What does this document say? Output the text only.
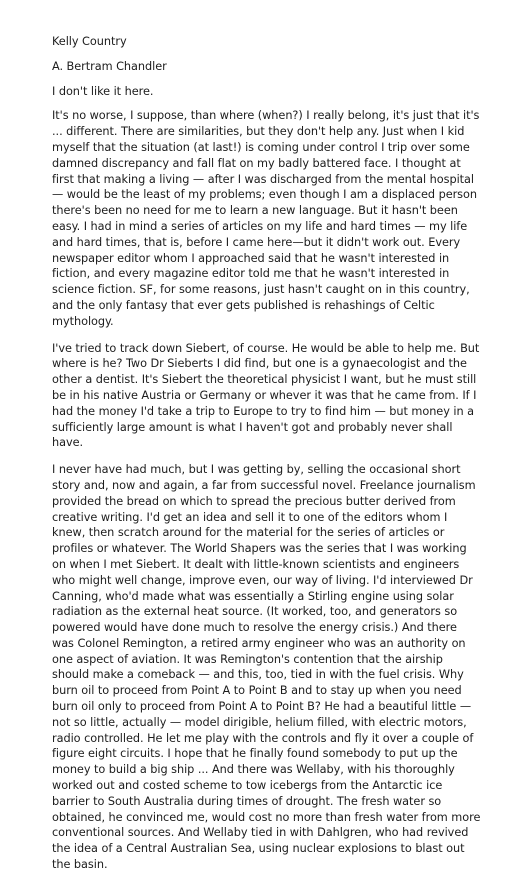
Kelly Country

A. Bertram Chandler

I don't like it here.

It's no worse, I suppose, than where (when?) I really belong, it's just that it's ... different. There are similarities, but they don't help any. Just when I kid myself that the situation (at last!) is coming under control I trip over some damned discrepancy and fall flat on my badly battered face. I thought at first that making a living — after I was discharged from the mental hospital — would be the least of my problems; even though I am a displaced person there's been no need for me to learn a new language. But it hasn't been easy. I had in mind a series of articles on my life and hard times — my life and hard times, that is, before I came here—but it didn't work out. Every newspaper editor whom I approached said that he wasn't interested in fiction, and every magazine editor told me that he wasn't interested in science fiction. SF, for some reasons, just hasn't caught on in this country, and the only fantasy that ever gets published is rehashings of Celtic mythology.

I've tried to track down Siebert, of course. He would be able to help me. But where is he? Two Dr Sieberts I did find, but one is a gynaecologist and the other a dentist. It's Siebert the theoretical physicist I want, but he must still be in his native Austria or Germany or whever it was that he came from. If I had the money I'd take a trip to Europe to try to find him — but money in a sufficiently large amount is what I haven't got and probably never shall have.

I never have had much, but I was getting by, selling the occasional short story and, now and again, a far from successful novel. Freelance journalism provided the bread on which to spread the precious butter derived from creative writing. I'd get an idea and sell it to one of the editors whom I knew, then scratch around for the material for the series of articles or profiles or whatever. The World Shapers was the series that I was working on when I met Siebert. It dealt with little-known scientists and engineers who might well change, improve even, our way of living. I'd interviewed Dr Canning, who'd made what was essentially a Stirling engine using solar radiation as the external heat source. (It worked, too, and generators so powered would have done much to resolve the energy crisis.) And there was Colonel Remington, a retired army engineer who was an authority on one aspect of aviation. It was Remington's contention that the airship should make a comeback — and this, too, tied in with the fuel crisis. Why burn oil to proceed from Point A to Point B and to stay up when you need burn oil only to proceed from Point A to Point B? He had a beautiful little — not so little, actually — model dirigible, helium filled, with electric motors, radio controlled. He let me play with the controls and fly it over a couple of figure eight circuits. I hope that he finally found somebody to put up the money to build a big ship ... And there was Wellaby, with his thoroughly worked out and costed scheme to tow icebergs from the Antarctic ice barrier to South Australia during times of drought. The fresh water so obtained, he convinced me, would cost no more than fresh water from more conventional sources. And Wellaby tied in with Dahlgren, who had revived the idea of a Central Australian Sea, using nuclear explosions to blast out the basin.
